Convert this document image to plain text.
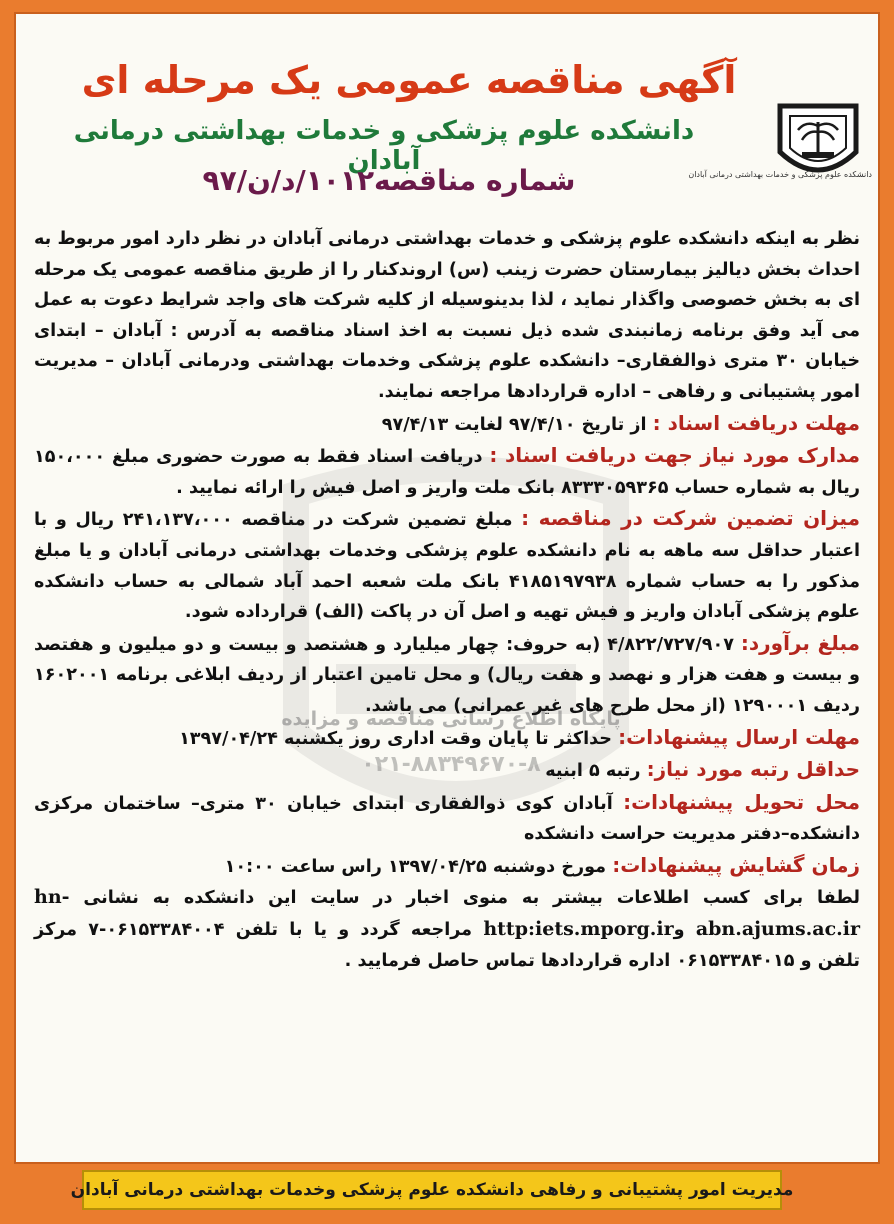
پایگاه اطلاع رسانی مناقصه و مزایده
۰۲۱-۸۸۳۴۹۶۷۰-۸
آگهی مناقصه عمومی یک مرحله ای
دانشکده علوم پزشکی و خدمات بهداشتی درمانی آبادان
شماره مناقصه۱۰۱۲/د/ن/۹۷	دانشکده علوم پزشکی و خدمات بهداشتی درمانی آبادان

نظر به اینکه دانشکده علوم پزشکی و خدمات بهداشتی درمانی آبادان در نظر دارد امور مربوط به احداث بخش دیالیز بیمارستان حضرت زینب (س) اروندکنار را از طریق مناقصه عمومی یک مرحله ای به بخش خصوصی واگذار نماید ، لذا بدینوسیله از کلیه شرکت های واجد شرایط دعوت به عمل می آید وفق برنامه زمانبندی شده ذیل نسبت به اخذ اسناد مناقصه به آدرس : آبادان – ابتدای خیابان ۳۰ متری ذوالفقاری– دانشکده علوم پزشکی وخدمات بهداشتی ودرمانی آبادان – مدیریت امور پشتیبانی و رفاهی – اداره قراردادها مراجعه نمایند.

مهلت دریافت اسناد : از تاریخ ۹۷/۴/۱۰ لغایت ۹۷/۴/۱۳

مدارک مورد نیاز جهت دریافت اسناد : دریافت اسناد فقط به صورت حضوری مبلغ ۱۵۰،۰۰۰ ریال به شماره حساب ۸۳۳۳۰۵۹۳۶۵ بانک ملت واریز و اصل فیش را ارائه نمایید .

میزان تضمین شرکت در مناقصه : مبلغ تضمین شرکت در مناقصه ۲۴۱،۱۳۷،۰۰۰ ریال و با اعتبار حداقل سه ماهه به نام دانشکده علوم پزشکی وخدمات بهداشتی درمانی آبادان و یا مبلغ مذکور را به حساب شماره ۴۱۸۵۱۹۷۹۳۸ بانک ملت شعبه احمد آباد شمالی به حساب دانشکده علوم پزشکی آبادان واریز و فیش تهیه و اصل آن در پاکت (الف) قرارداده شود.

مبلغ برآورد: ۴/۸۲۲/۷۲۷/۹۰۷ (به حروف: چهار میلیارد و هشتصد و بیست و دو میلیون و هفتصد و بیست و هفت هزار و نهصد و هفت ریال) و محل تامین اعتبار از ردیف ابلاغی برنامه ۱۶۰۲۰۰۱ ردیف ۱۲۹۰۰۰۱ (از محل طرح های غیر عمرانی) می باشد.

مهلت ارسال پیشنهادات: حداکثر تا پایان وقت اداری روز یکشنبه ۱۳۹۷/۰۴/۲۴

حداقل رتبه مورد نیاز: رتبه ۵ ابنیه

محل تحویل پیشنهادات: آبادان کوی ذوالفقاری ابتدای خیابان ۳۰ متری– ساختمان مرکزی دانشکده–دفتر مدیریت حراست دانشکده

زمان گشایش پیشنهادات: مورخ دوشنبه ۱۳۹۷/۰۴/۲۵ راس ساعت ۱۰:۰۰

لطفا برای کسب اطلاعات بیشتر به منوی اخبار در سایت این دانشکده به نشانی hn-abn.ajums.ac.ir وhttp:iets.mporg.ir مراجعه گردد و یا با تلفن ۰۶۱۵۳۳۸۴۰۰۴-۷ مرکز تلفن و ۰۶۱۵۳۳۸۴۰۱۵ اداره قراردادها تماس حاصل فرمایید .

مدیریت امور پشتیبانی و رفاهی دانشکده علوم پزشکی وخدمات بهداشتی درمانی آبادان
